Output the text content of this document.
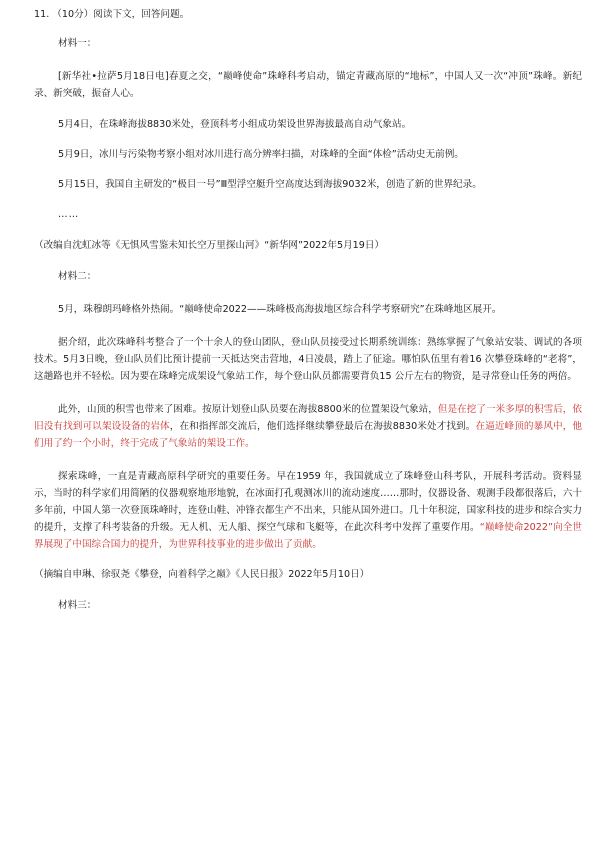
11. （10分）阅读下文，回答问题。

材料一：

[新华社•拉萨5月18日电]春夏之交，“巅峰使命”珠峰科考启动，锚定青藏高原的“地标”，中国人又一次“冲顶”珠峰。新纪录、新突破，振奋人心。

5月4日，在珠峰海拔8830米处，登顶科考小组成功架设世界海拔最高自动气象站。

5月9日，冰川与污染物考察小组对冰川进行高分辨率扫描，对珠峰的全面“体检”活动史无前例。

5月15日，我国自主研发的“极目一号”Ⅲ型浮空艇升空高度达到海拔9032米，创造了新的世界纪录。

……

（改编自沈虹冰等《无惧风雪鉴未知长空万里探山河》“新华网”2022年5月19日）

材料二：

5月，珠穆朗玛峰格外热闹。“巅峰使命2022——珠峰极高海拔地区综合科学考察研究”在珠峰地区展开。

据介绍，此次珠峰科考整合了一个十余人的登山团队，登山队员接受过长期系统训练：熟练掌握了气象站安装、调试的各项技术。5月3日晚，登山队员们比预计提前一天抵达突击营地，4日凌晨，踏上了征途。哪怕队伍里有着16 次攀登珠峰的“老将”，这趟路也并不轻松。因为要在珠峰完成架设气象站工作，每个登山队员都需要背负15 公斤左右的物资，是寻常登山任务的两倍。

此外，山顶的积雪也带来了困难。按原计划登山队员要在海拔8800米的位置架设气象站，但是在挖了一米多厚的积雪后，依旧没有找到可以架设设备的岩体，在和指挥部交流后，他们选择继续攀登最后在海拔8830米处才找到。在逼近峰顶的暴风中，他们用了约一个小时，终于完成了气象站的架设工作。

探索珠峰，一直是青藏高原科学研究的重要任务。早在1959 年，我国就成立了珠峰登山科考队，开展科考活动。资料显示，当时的科学家们用简陋的仪器观察地形地貌，在冰面打孔观测冰川的流动速度……那时，仪器设备、观测手段都很落后，六十多年前，中国人第一次登顶珠峰时，连登山鞋、冲锋衣都生产不出来，只能从国外进口。几十年积淀，国家科技的进步和综合实力的提升，支撑了科考装备的升级。无人机、无人船、探空气球和飞艇等，在此次科考中发挥了重要作用。“巅峰使命2022”向全世界展现了中国综合国力的提升，为世界科技事业的进步做出了贡献。

（摘编自申琳、徐驭尧《攀登，向着科学之巅》《人民日报》2022年5月10日）

材料三：
